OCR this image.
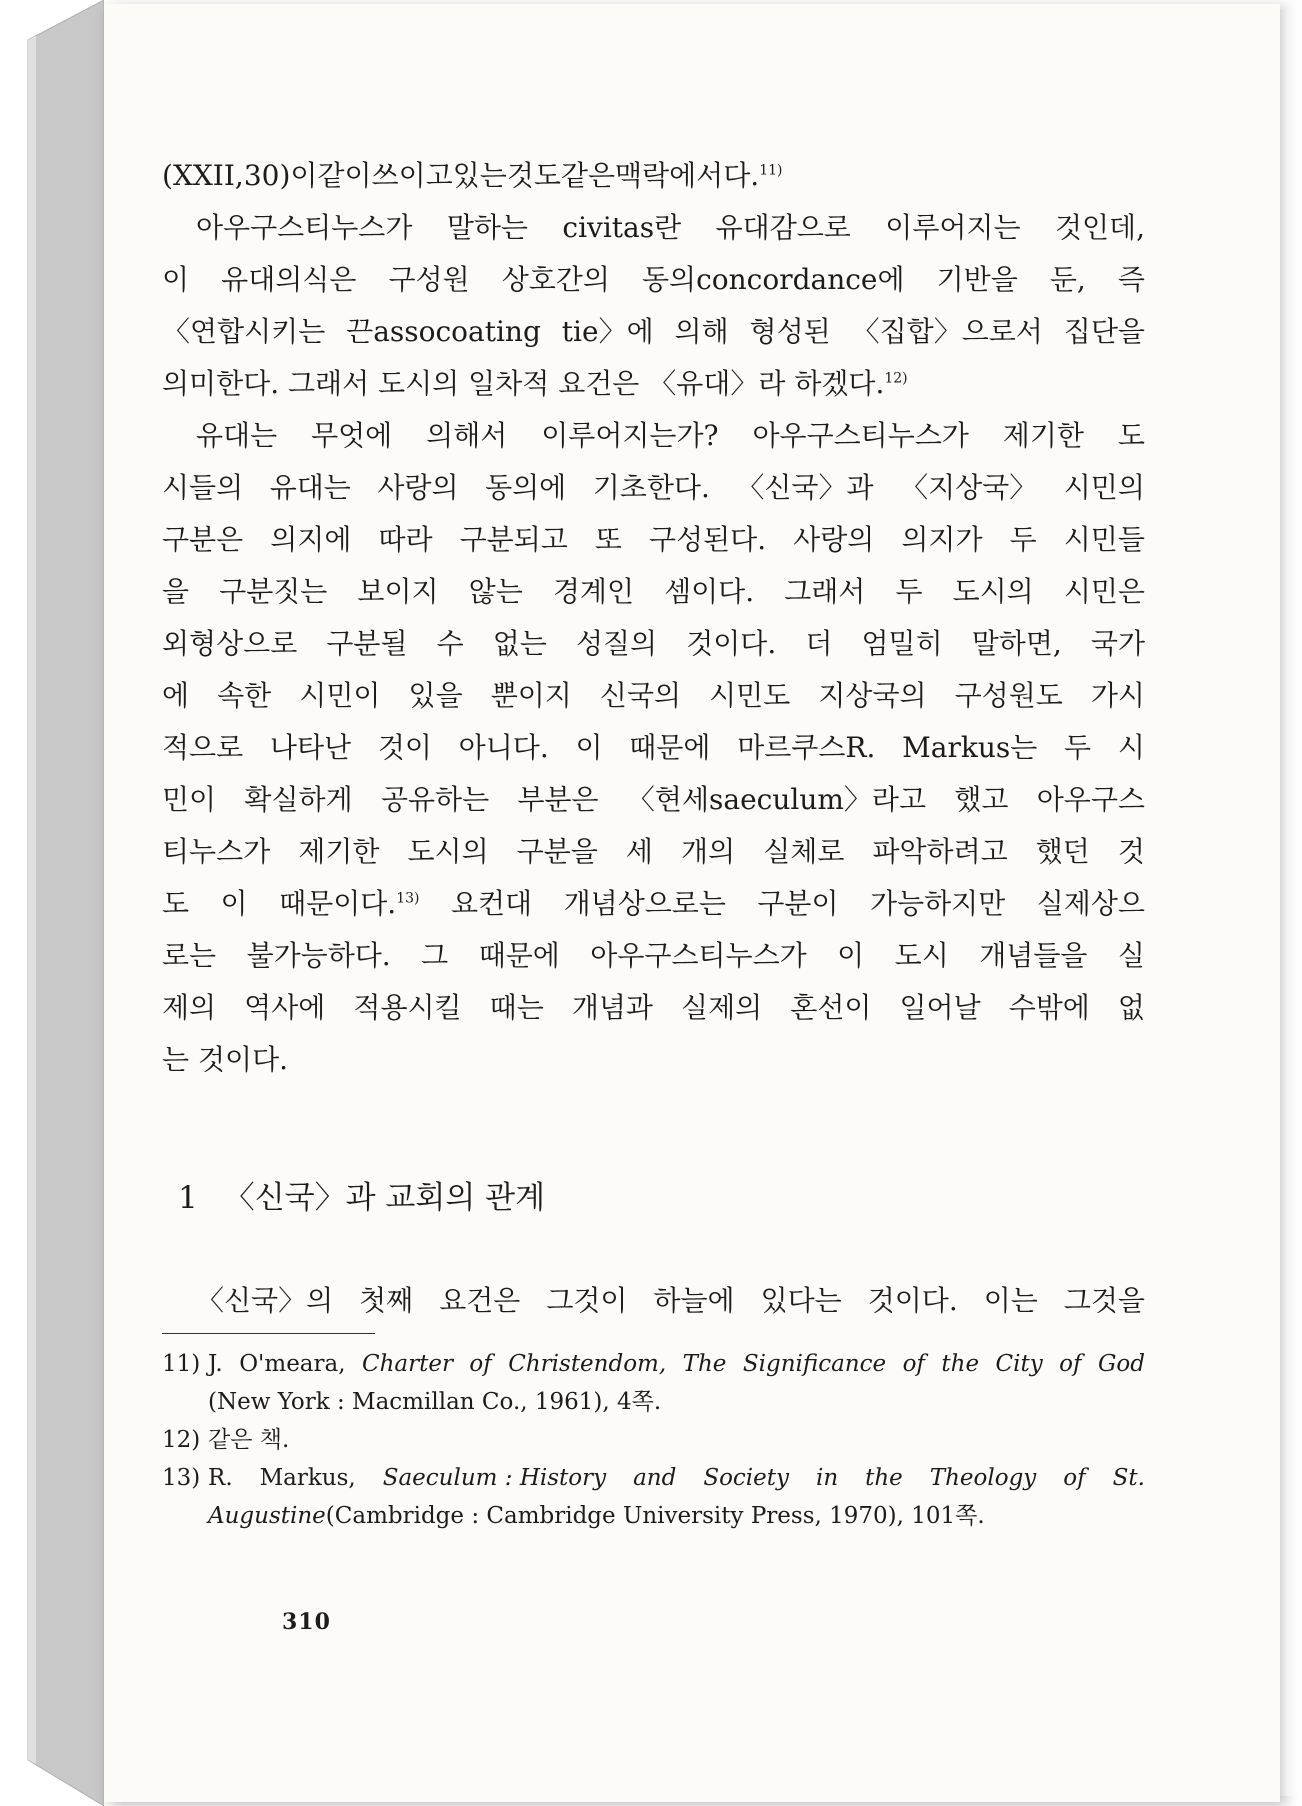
( XXII, 30)이 같이 쓰이고 있는 것도 같은 맥락에서다.$^{11)}$
아우구스티누스가 말하는 civitas란 유대감으로 이루어지는 것인데,
이 유대의식은 구성원 상호간의 동의concordance에 기반을 둔, 즉
〈연합시키는 끈assocoating tie〉에 의해 형성된 〈집합〉으로서 집단을
의미한다.
그래서
도시의
일차적
요건은
〈유대〉라
하겠다.$^{12)}$
유대는 무엇에 의해서 이루어지는가? 아우구스티누스가 제기한 도
시들의 유대는 사랑의 동의에 기초한다. 〈신국〉과 〈지상국〉 시민의
구분은 의지에 따라 구분되고 또 구성된다. 사랑의 의지가 두 시민들
을 구분짓는 보이지 않는 경계인 셈이다. 그래서 두 도시의 시민은
외형상으로 구분될 수 없는 성질의 것이다. 더 엄밀히 말하면, 국가
에 속한 시민이 있을 뿐이지 신국의 시민도 지상국의 구성원도 가시
적으로 나타난 것이 아니다. 이 때문에 마르쿠스R. Markus는 두 시
민이 확실하게 공유하는 부분은 〈현세saeculum〉라고 했고 아우구스
티누스가 제기한 도시의 구분을 세 개의 실체로 파악하려고 했던 것
도 이 때문이다.$^{13)}$ 요컨대 개념상으로는 구분이 가능하지만 실제상으
로는 불가능하다. 그 때문에 아우구스티누스가 이 도시 개념들을 실
제의 역사에 적용시킬 때는 개념과 실제의 혼선이 일어날 수밖에 없
는
것이다.
1 〈신국〉과 교회의 관계
〈신국〉의 첫째 요건은 그것이 하늘에 있다는 것이다. 이는 그것을
11) J. O'meara, Charter of Christendom, The Significance of the City of God
(New York : Macmillan Co., 1961), 4쪽.
12) 같은 책.
13) R. Markus, Saeculum : History and Society in the Theology of St.
Augustine(Cambridge : Cambridge University Press, 1970), 101쪽.
310
